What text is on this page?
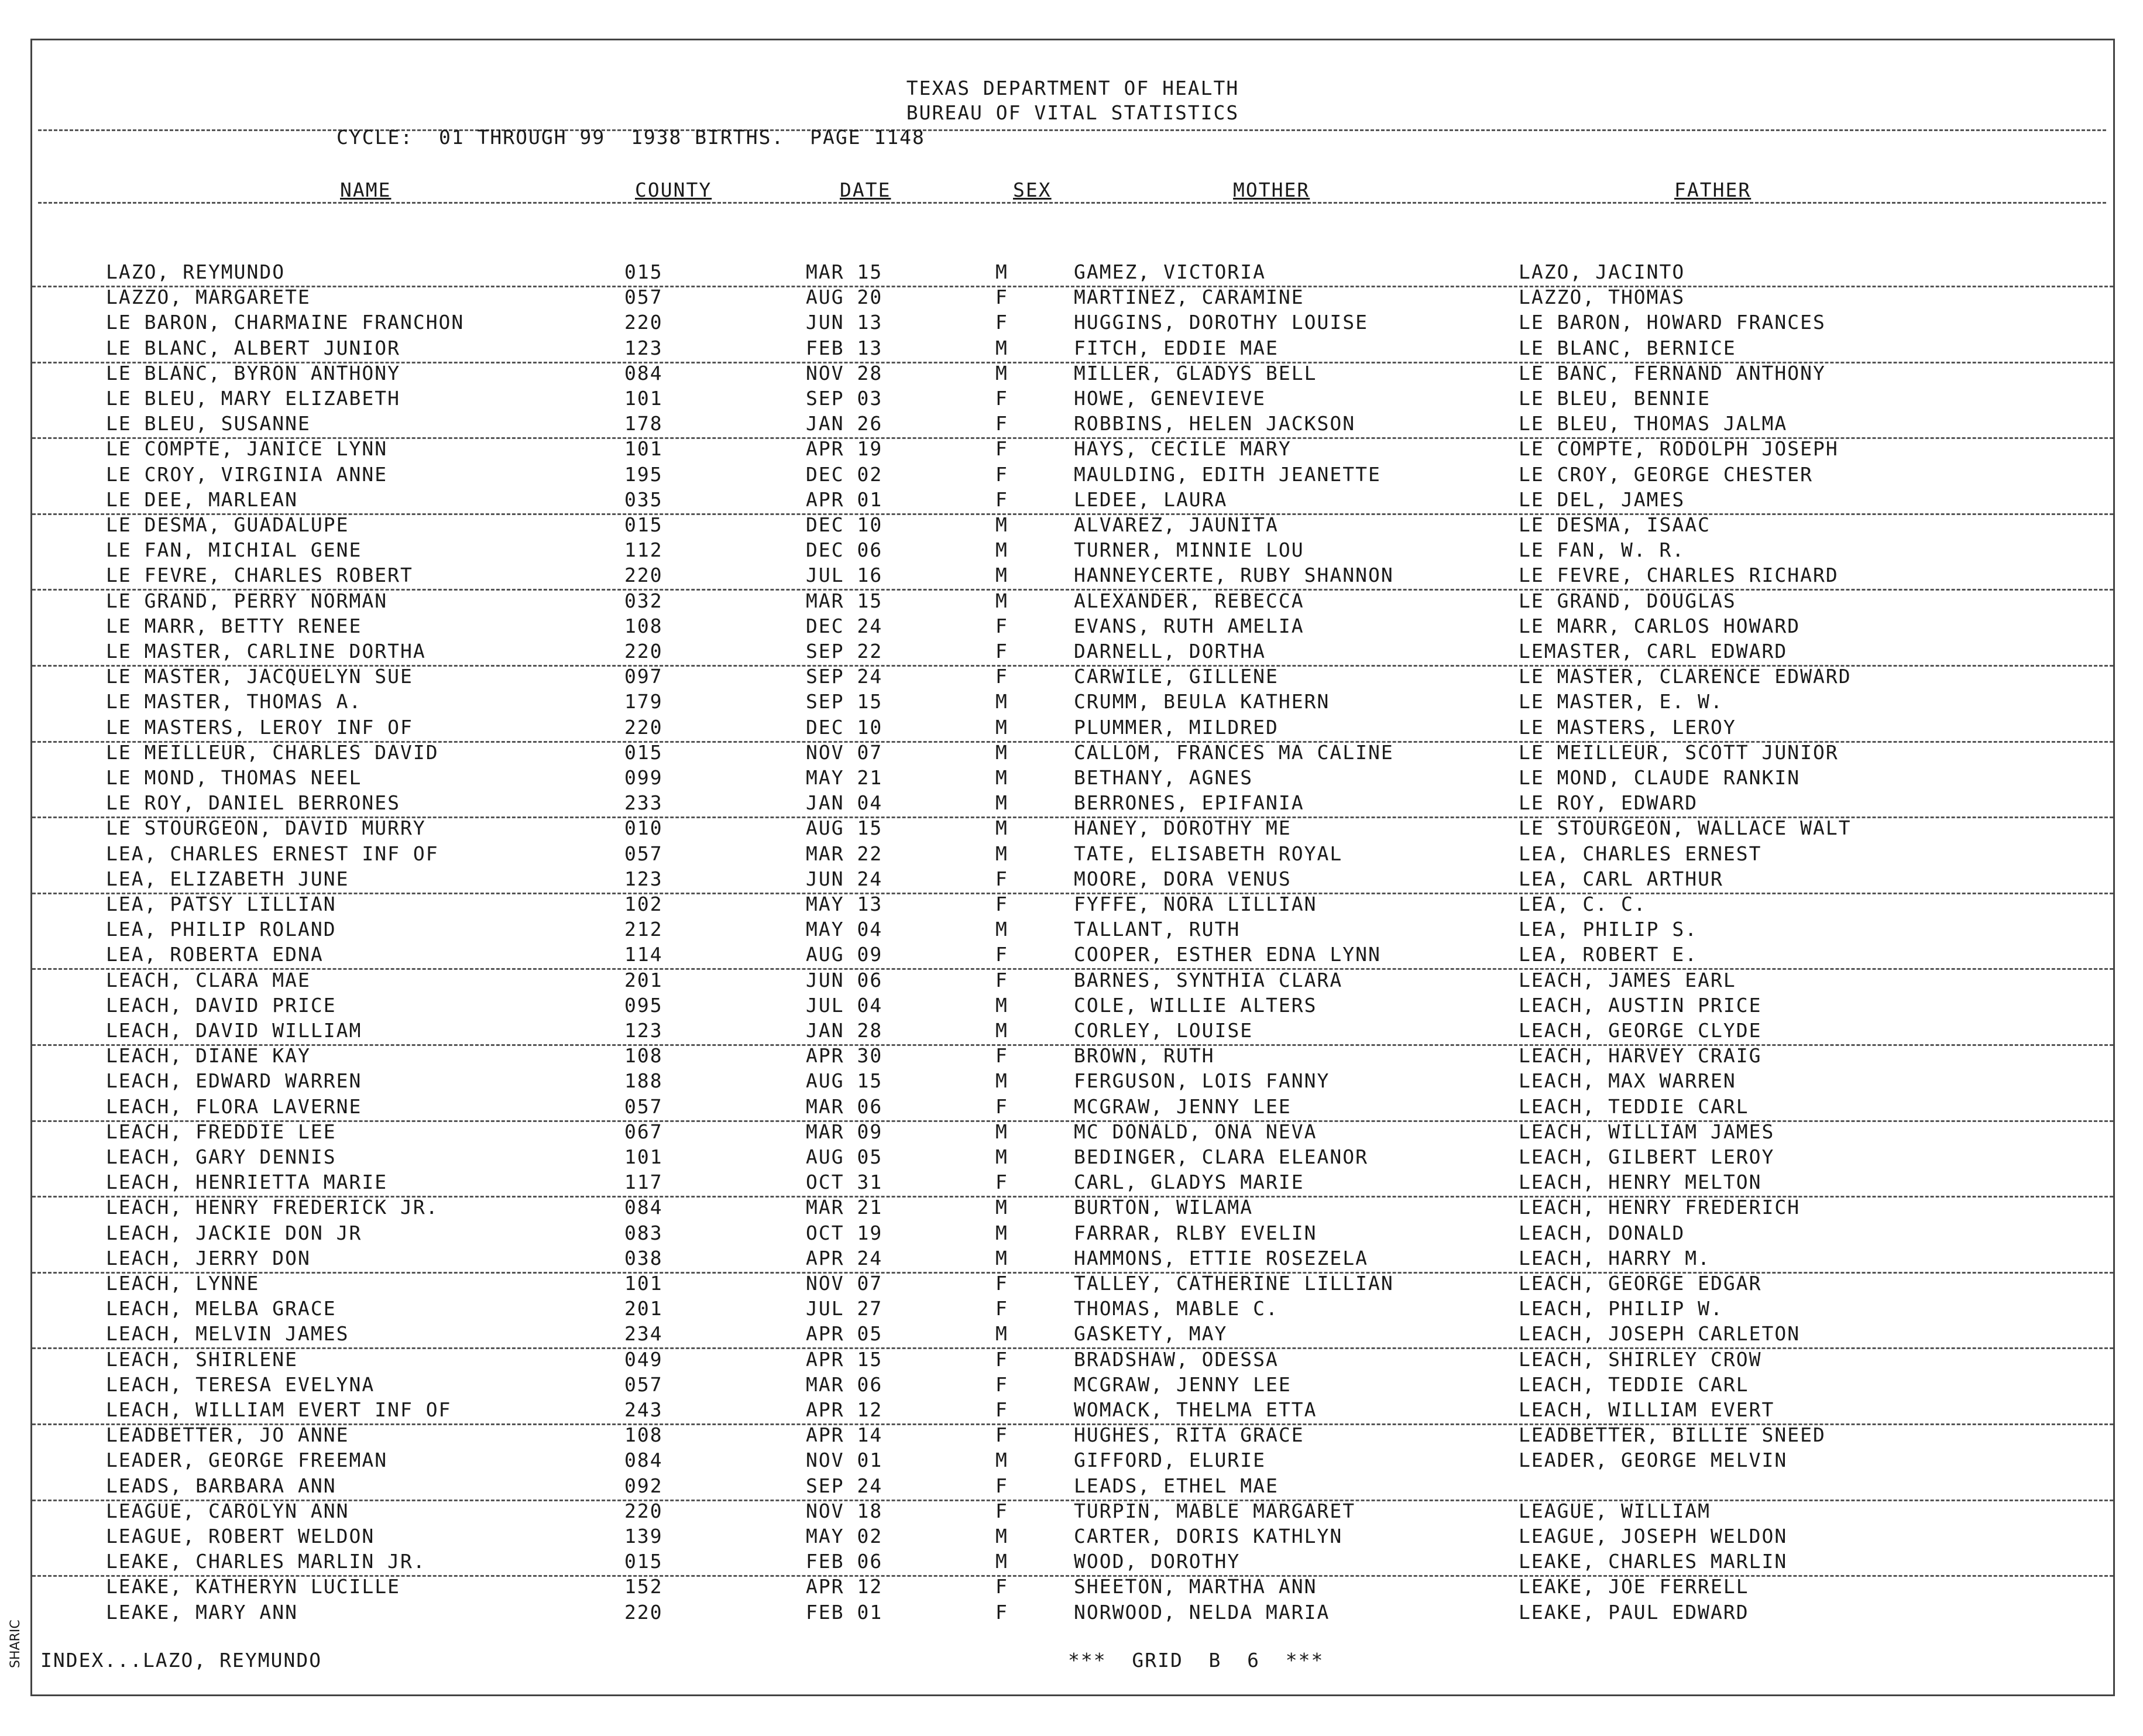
TEXAS DEPARTMENT OF HEALTH
BUREAU OF VITAL STATISTICS
CYCLE:  01 THROUGH 99  1938 BIRTHS.  PAGE 1148
NAME	COUNTY	DATE	SEX	MOTHER	FATHER
LAZO, REYMUNDO	015	MAR 15	M	GAMEZ, VICTORIA	LAZO, JACINTO
LAZZO, MARGARETE	057	AUG 20	F	MARTINEZ, CARAMINE	LAZZO, THOMAS
LE BARON, CHARMAINE FRANCHON	220	JUN 13	F	HUGGINS, DOROTHY LOUISE	LE BARON, HOWARD FRANCES
LE BLANC, ALBERT JUNIOR	123	FEB 13	M	FITCH, EDDIE MAE	LE BLANC, BERNICE
LE BLANC, BYRON ANTHONY	084	NOV 28	M	MILLER, GLADYS BELL	LE BANC, FERNAND ANTHONY
LE BLEU, MARY ELIZABETH	101	SEP 03	F	HOWE, GENEVIEVE	LE BLEU, BENNIE
LE BLEU, SUSANNE	178	JAN 26	F	ROBBINS, HELEN JACKSON	LE BLEU, THOMAS JALMA
LE COMPTE, JANICE LYNN	101	APR 19	F	HAYS, CECILE MARY	LE COMPTE, RODOLPH JOSEPH
LE CROY, VIRGINIA ANNE	195	DEC 02	F	MAULDING, EDITH JEANETTE	LE CROY, GEORGE CHESTER
LE DEE, MARLEAN	035	APR 01	F	LEDEE, LAURA	LE DEL, JAMES
LE DESMA, GUADALUPE	015	DEC 10	M	ALVAREZ, JAUNITA	LE DESMA, ISAAC
LE FAN, MICHIAL GENE	112	DEC 06	M	TURNER, MINNIE LOU	LE FAN, W. R.
LE FEVRE, CHARLES ROBERT	220	JUL 16	M	HANNEYCERTE, RUBY SHANNON	LE FEVRE, CHARLES RICHARD
LE GRAND, PERRY NORMAN	032	MAR 15	M	ALEXANDER, REBECCA	LE GRAND, DOUGLAS
LE MARR, BETTY RENEE	108	DEC 24	F	EVANS, RUTH AMELIA	LE MARR, CARLOS HOWARD
LE MASTER, CARLINE DORTHA	220	SEP 22	F	DARNELL, DORTHA	LEMASTER, CARL EDWARD
LE MASTER, JACQUELYN SUE	097	SEP 24	F	CARWILE, GILLENE	LE MASTER, CLARENCE EDWARD
LE MASTER, THOMAS A.	179	SEP 15	M	CRUMM, BEULA KATHERN	LE MASTER, E. W.
LE MASTERS, LEROY INF OF	220	DEC 10	M	PLUMMER, MILDRED	LE MASTERS, LEROY
LE MEILLEUR, CHARLES DAVID	015	NOV 07	M	CALLOM, FRANCES MA CALINE	LE MEILLEUR, SCOTT JUNIOR
LE MOND, THOMAS NEEL	099	MAY 21	M	BETHANY, AGNES	LE MOND, CLAUDE RANKIN
LE ROY, DANIEL BERRONES	233	JAN 04	M	BERRONES, EPIFANIA	LE ROY, EDWARD
LE STOURGEON, DAVID MURRY	010	AUG 15	M	HANEY, DOROTHY ME	LE STOURGEON, WALLACE WALT
LEA, CHARLES ERNEST INF OF	057	MAR 22	M	TATE, ELISABETH ROYAL	LEA, CHARLES ERNEST
LEA, ELIZABETH JUNE	123	JUN 24	F	MOORE, DORA VENUS	LEA, CARL ARTHUR
LEA, PATSY LILLIAN	102	MAY 13	F	FYFFE, NORA LILLIAN	LEA, C. C.
LEA, PHILIP ROLAND	212	MAY 04	M	TALLANT, RUTH	LEA, PHILIP S.
LEA, ROBERTA EDNA	114	AUG 09	F	COOPER, ESTHER EDNA LYNN	LEA, ROBERT E.
LEACH, CLARA MAE	201	JUN 06	F	BARNES, SYNTHIA CLARA	LEACH, JAMES EARL
LEACH, DAVID PRICE	095	JUL 04	M	COLE, WILLIE ALTERS	LEACH, AUSTIN PRICE
LEACH, DAVID WILLIAM	123	JAN 28	M	CORLEY, LOUISE	LEACH, GEORGE CLYDE
LEACH, DIANE KAY	108	APR 30	F	BROWN, RUTH	LEACH, HARVEY CRAIG
LEACH, EDWARD WARREN	188	AUG 15	M	FERGUSON, LOIS FANNY	LEACH, MAX WARREN
LEACH, FLORA LAVERNE	057	MAR 06	F	MCGRAW, JENNY LEE	LEACH, TEDDIE CARL
LEACH, FREDDIE LEE	067	MAR 09	M	MC DONALD, ONA NEVA	LEACH, WILLIAM JAMES
LEACH, GARY DENNIS	101	AUG 05	M	BEDINGER, CLARA ELEANOR	LEACH, GILBERT LEROY
LEACH, HENRIETTA MARIE	117	OCT 31	F	CARL, GLADYS MARIE	LEACH, HENRY MELTON
LEACH, HENRY FREDERICK JR.	084	MAR 21	M	BURTON, WILAMA	LEACH, HENRY FREDERICH
LEACH, JACKIE DON JR	083	OCT 19	M	FARRAR, RLBY EVELIN	LEACH, DONALD
LEACH, JERRY DON	038	APR 24	M	HAMMONS, ETTIE ROSEZELA	LEACH, HARRY M.
LEACH, LYNNE	101	NOV 07	F	TALLEY, CATHERINE LILLIAN	LEACH, GEORGE EDGAR
LEACH, MELBA GRACE	201	JUL 27	F	THOMAS, MABLE C.	LEACH, PHILIP W.
LEACH, MELVIN JAMES	234	APR 05	M	GASKETY, MAY	LEACH, JOSEPH CARLETON
LEACH, SHIRLENE	049	APR 15	F	BRADSHAW, ODESSA	LEACH, SHIRLEY CROW
LEACH, TERESA EVELYNA	057	MAR 06	F	MCGRAW, JENNY LEE	LEACH, TEDDIE CARL
LEACH, WILLIAM EVERT INF OF	243	APR 12	F	WOMACK, THELMA ETTA	LEACH, WILLIAM EVERT
LEADBETTER, JO ANNE	108	APR 14	F	HUGHES, RITA GRACE	LEADBETTER, BILLIE SNEED
LEADER, GEORGE FREEMAN	084	NOV 01	M	GIFFORD, ELURIE	LEADER, GEORGE MELVIN
LEADS, BARBARA ANN	092	SEP 24	F	LEADS, ETHEL MAE
LEAGUE, CAROLYN ANN	220	NOV 18	F	TURPIN, MABLE MARGARET	LEAGUE, WILLIAM
LEAGUE, ROBERT WELDON	139	MAY 02	M	CARTER, DORIS KATHLYN	LEAGUE, JOSEPH WELDON
LEAKE, CHARLES MARLIN JR.	015	FEB 06	M	WOOD, DOROTHY	LEAKE, CHARLES MARLIN
LEAKE, KATHERYN LUCILLE	152	APR 12	F	SHEETON, MARTHA ANN	LEAKE, JOE FERRELL
LEAKE, MARY ANN	220	FEB 01	F	NORWOOD, NELDA MARIA	LEAKE, PAUL EDWARD
INDEX...LAZO, REYMUNDO	***  GRID  B  6  ***
SHARIC
